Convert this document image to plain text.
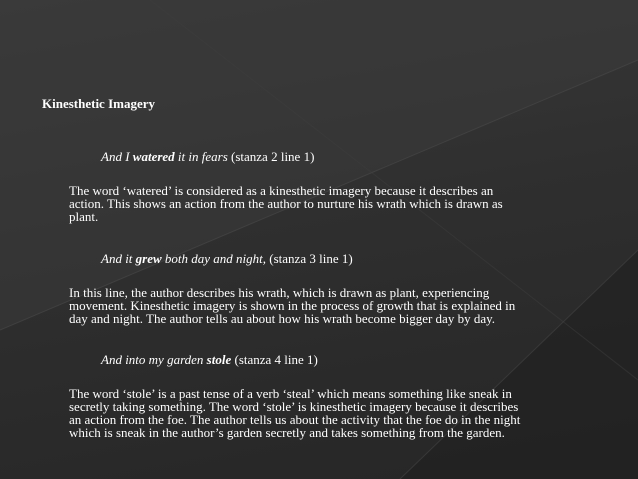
Kinesthetic Imagery
And I watered it in fears (stanza 2 line 1)
The word ‘watered’ is considered as a kinesthetic imagery because it describes an
action. This shows an action from the author to nurture his wrath which is drawn as
plant.
And it grew both day and night, (stanza 3 line 1)
In this line, the author describes his wrath, which is drawn as plant, experiencing
movement. Kinesthetic imagery is shown in the process of growth that is explained in
day and night. The author tells au about how his wrath become bigger day by day.
And into my garden stole (stanza 4 line 1)
The word ‘stole’ is a past tense of a verb ‘steal’ which means something like sneak in
secretly taking something. The word ‘stole’ is kinesthetic imagery because it describes
an action from the foe. The author tells us about the activity that the foe do in the night
which is sneak in the author’s garden secretly and takes something from the garden.
